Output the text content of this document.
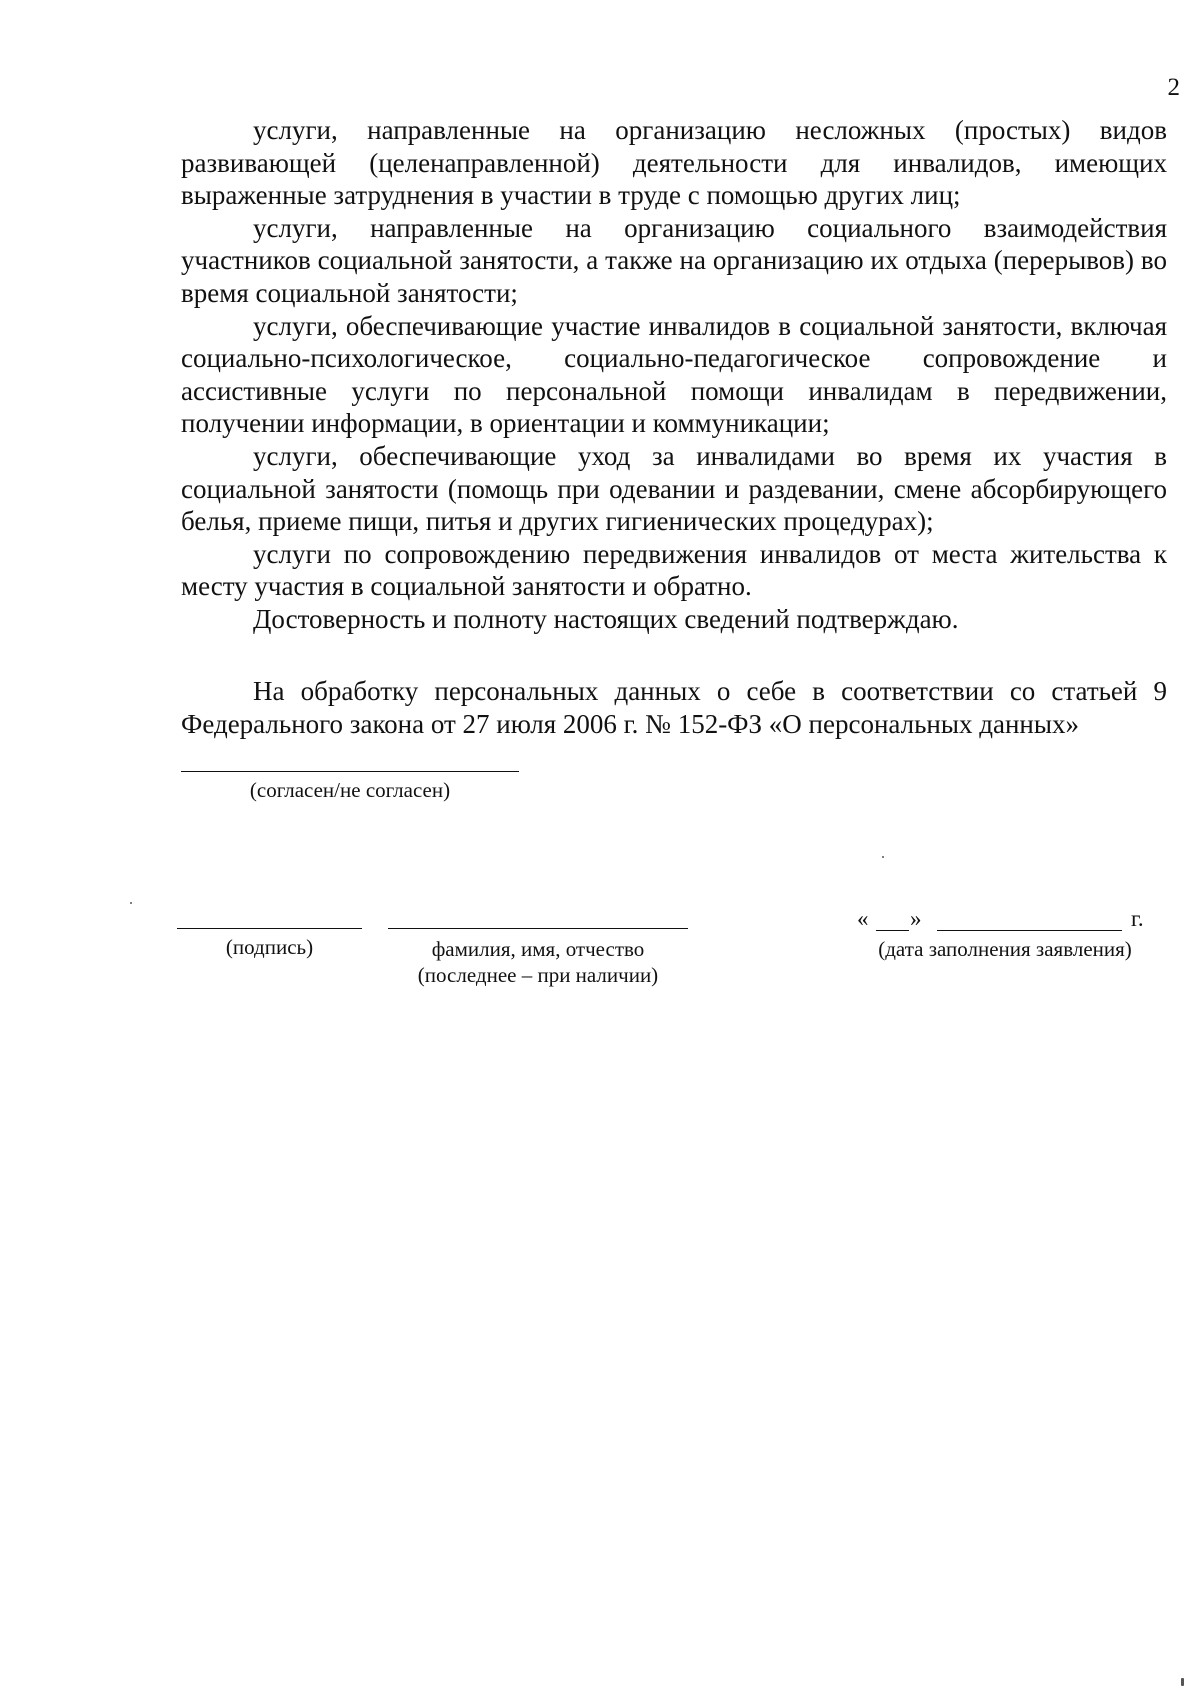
2

услуги, направленные на организацию несложных (простых) видов развивающей (целенаправленной) деятельности для инвалидов, имеющих выраженные затруднения в участии в труде с помощью других лиц;

услуги, направленные на организацию социального взаимодействия участников социальной занятости, а также на организацию их отдыха (перерывов) во время социальной занятости;

услуги, обеспечивающие участие инвалидов в социальной занятости, включая социально-психологическое, социально-педагогическое сопровождение и ассистивные услуги по персональной помощи инвалидам в передвижении, получении информации, в ориентации и коммуникации;

услуги, обеспечивающие уход за инвалидами во время их участия в социальной занятости (помощь при одевании и раздевании, смене абсорбирующего белья, приеме пищи, питья и других гигиенических процедурах);

услуги по сопровождению передвижения инвалидов от места жительства к месту участия в социальной занятости и обратно.

Достоверность и полноту настоящих сведений подтверждаю.

На обработку персональных данных о себе в соответствии со статьей 9 Федерального закона от 27 июля 2006 г. № 152-ФЗ «О персональных данных»

(согласен/не согласен)
(подпись)	фамилия, имя, отчество
(последнее – при наличии)
« »	г.
(дата заполнения заявления)
